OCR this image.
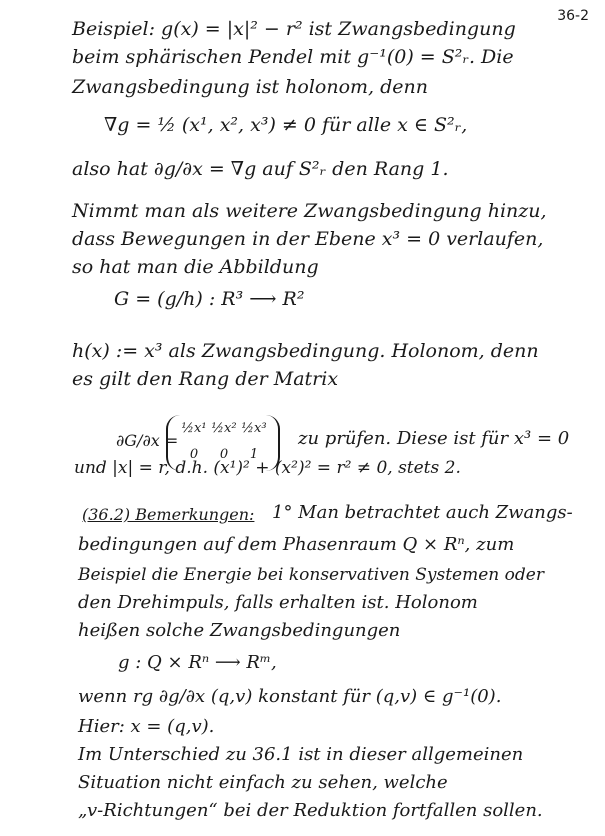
36-2
Beispiel: g(x) = |x|² − r² ist Zwangsbedingung
beim sphärischen Pendel mit g⁻¹(0) = S²ᵣ. Die
Zwangsbedingung ist holonom, denn
∇g = ½ (x¹, x², x³) ≠ 0 für alle x ∈ S²ᵣ,
also hat ∂g/∂x = ∇g auf S²ᵣ den Rang 1.
Nimmt man als weitere Zwangsbedingung hinzu,
dass Bewegungen in der Ebene x³ = 0 verlaufen,
so hat man die Abbildung
G = (g/h) : R³ ⟶ R²
h(x) := x³ als Zwangsbedingung. Holonom, denn
es gilt den Rang der Matrix
∂G/∂x =
½x¹ ½x² ½x³
0	0	1
zu prüfen. Diese ist für x³ = 0
und |x| = r, d.h. (x¹)² + (x²)² = r² ≠ 0, stets 2.
(36.2) Bemerkungen: 1° Man betrachtet auch Zwangs-
bedingungen auf dem Phasenraum Q × Rⁿ, zum
Beispiel die Energie bei konservativen Systemen oder
den Drehimpuls, falls erhalten ist. Holonom
heißen solche Zwangsbedingungen
g : Q × Rⁿ ⟶ Rᵐ,
wenn rg ∂g/∂x (q,v) konstant für (q,v) ∈ g⁻¹(0).
Hier: x = (q,v).
Im Unterschied zu 36.1 ist in dieser allgemeinen
Situation nicht einfach zu sehen, welche
„v-Richtungen“ bei der Reduktion fortfallen sollen.
